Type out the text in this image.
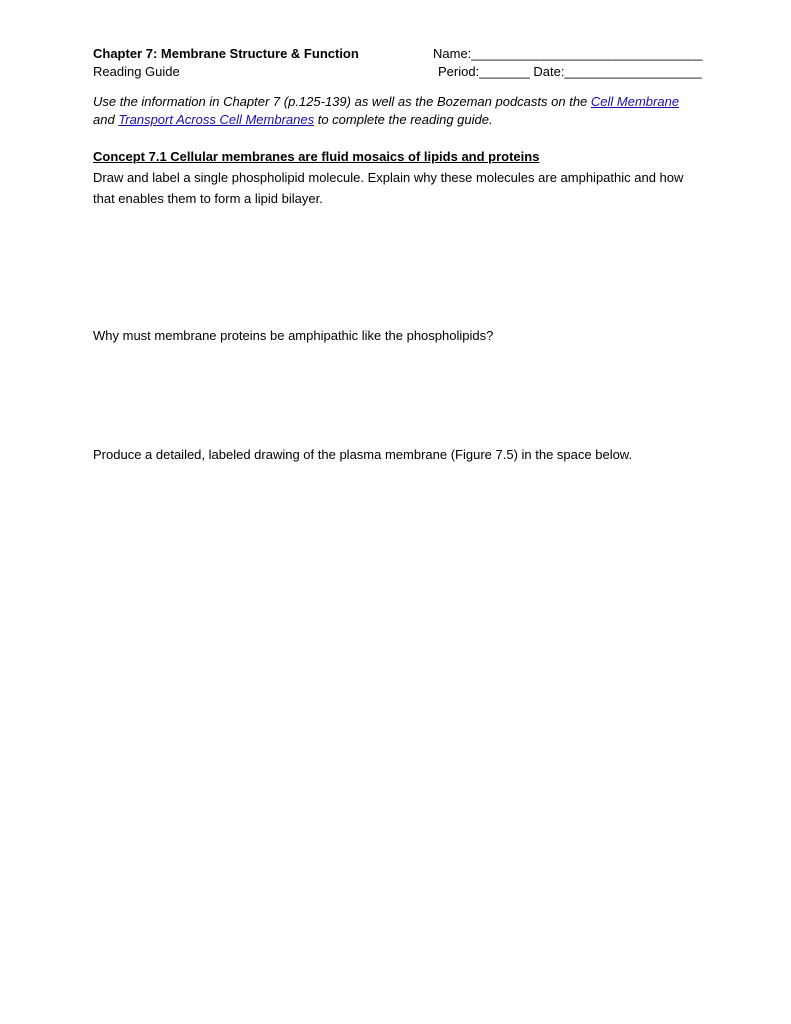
Chapter 7: Membrane Structure & Function
Reading Guide
Name:________________________________
Period:_______ Date:___________________
Use the information in Chapter 7 (p.125-139) as well as the Bozeman podcasts on the Cell Membrane
and Transport Across Cell Membranes to complete the reading guide.
Concept 7.1 Cellular membranes are fluid mosaics of lipids and proteins
Draw and label a single phospholipid molecule. Explain why these molecules are amphipathic and how that enables them to form a lipid bilayer.
Why must membrane proteins be amphipathic like the phospholipids?
Produce a detailed, labeled drawing of the plasma membrane (Figure 7.5) in the space below.
